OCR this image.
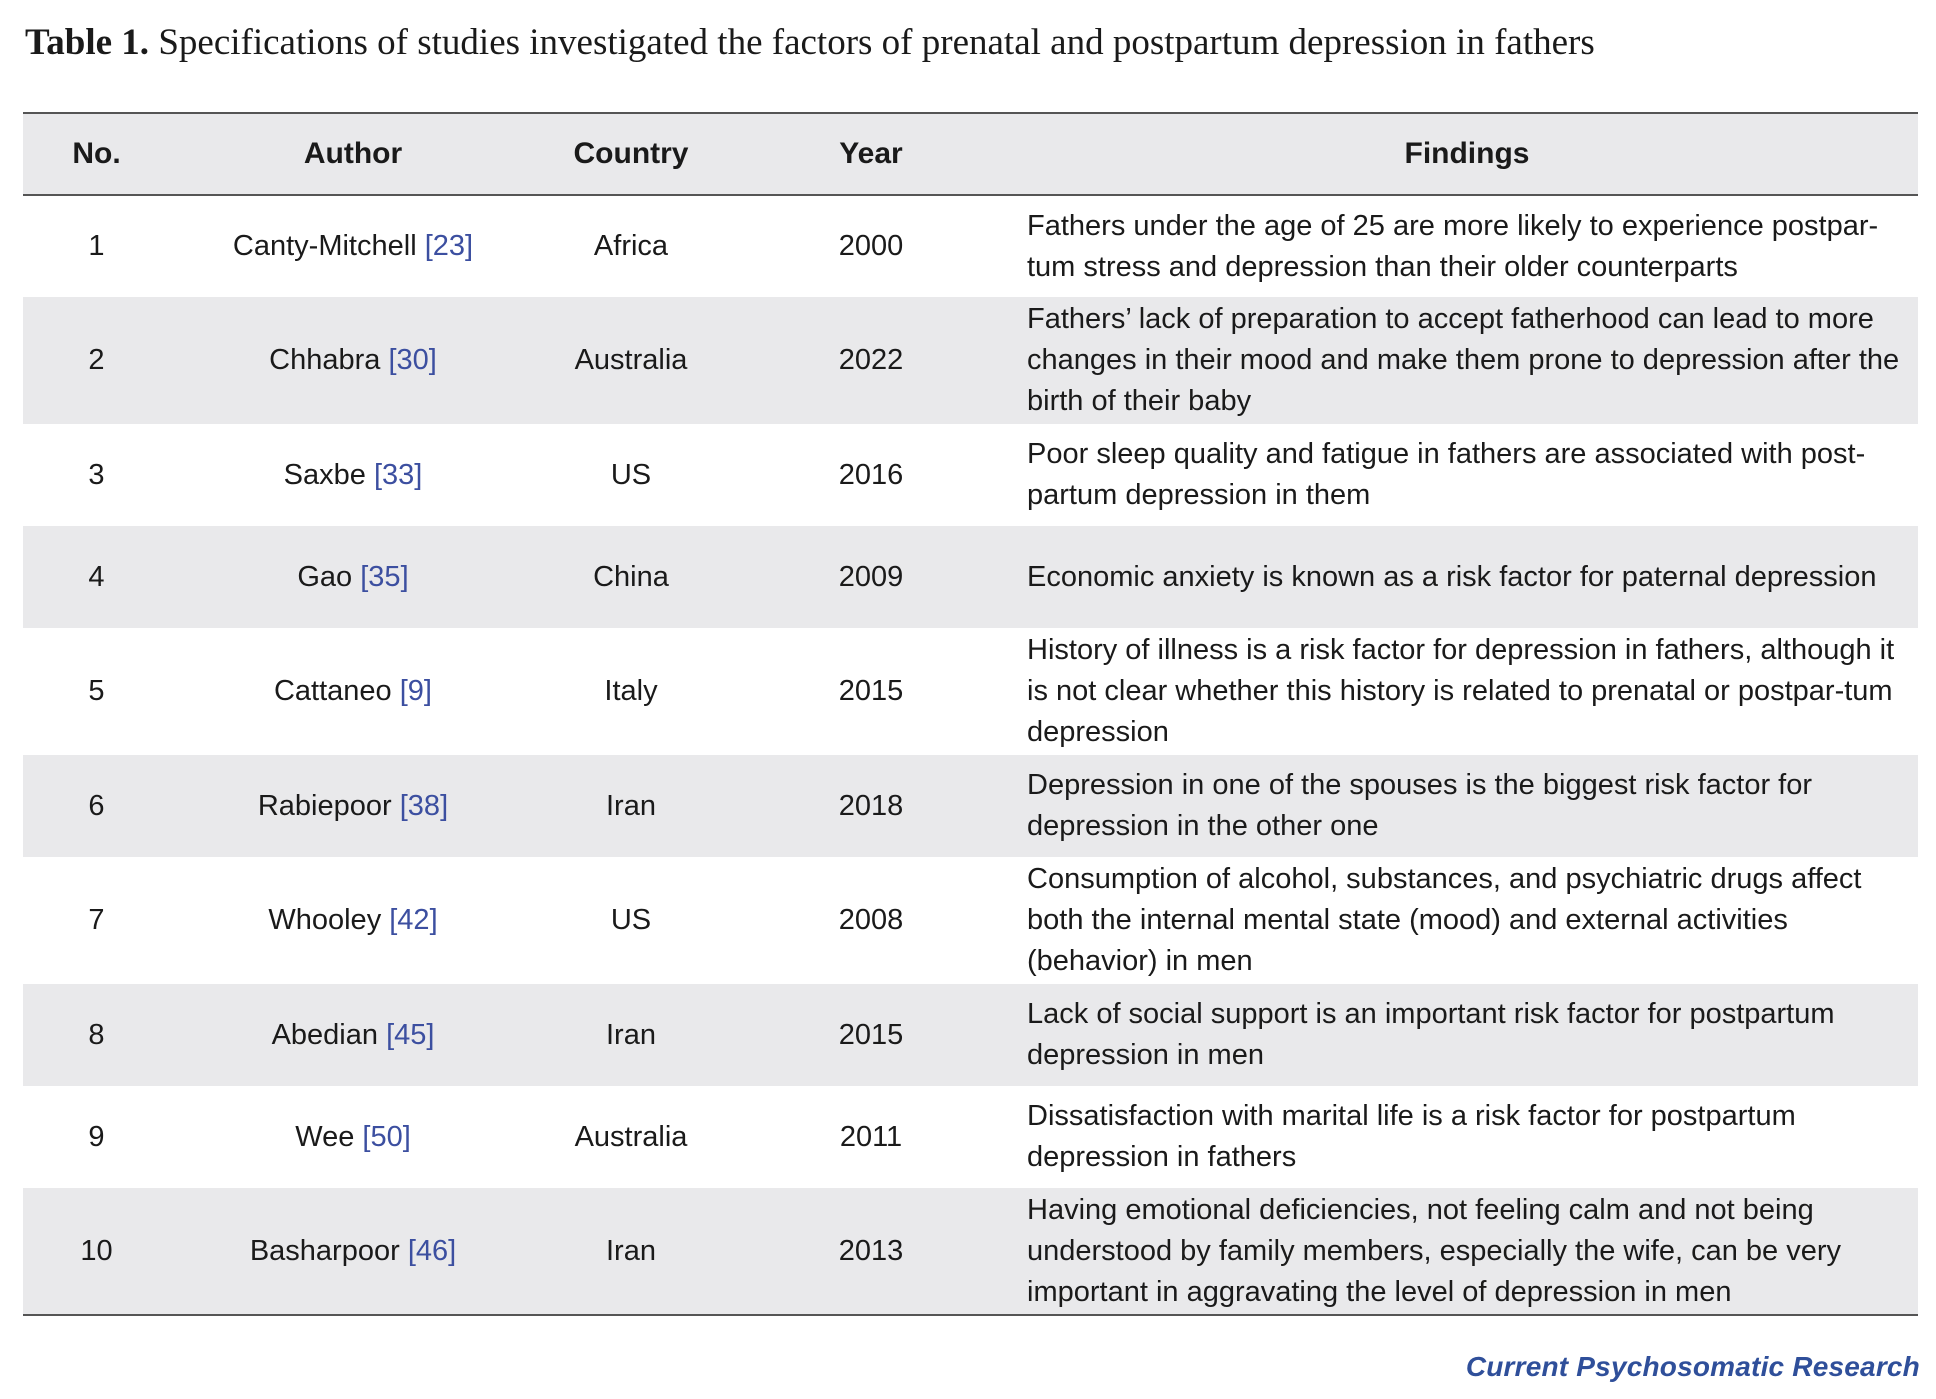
Table 1. Specifications of studies investigated the factors of prenatal and postpartum depression in fathers
No.	Author	Country	Year	Findings
1	Canty-Mitchell [23]	Africa	2000	Fathers under the age of 25 are more likely to experience postpar-tum stress and depression than their older counterparts
2	Chhabra [30]	Australia	2022	Fathers’ lack of preparation to accept fatherhood can lead to more changes in their mood and make them prone to depression after the birth of their baby
3	Saxbe [33]	US	2016	Poor sleep quality and fatigue in fathers are associated with post-partum depression in them
4	Gao [35]	China	2009	Economic anxiety is known as a risk factor for paternal depression
5	Cattaneo [9]	Italy	2015	History of illness is a risk factor for depression in fathers, although it is not clear whether this history is related to prenatal or postpar-tum depression
6	Rabiepoor [38]	Iran	2018	Depression in one of the spouses is the biggest risk factor for depression in the other one
7	Whooley [42]	US	2008	Consumption of alcohol, substances, and psychiatric drugs affect both the internal mental state (mood) and external activities (behavior) in men
8	Abedian [45]	Iran	2015	Lack of social support is an important risk factor for postpartum depression in men
9	Wee [50]	Australia	2011	Dissatisfaction with marital life is a risk factor for postpartum depression in fathers
10	Basharpoor [46]	Iran	2013	Having emotional deficiencies, not feeling calm and not being understood by family members, especially the wife, can be very important in aggravating the level of depression in men
Current Psychosomatic Research
